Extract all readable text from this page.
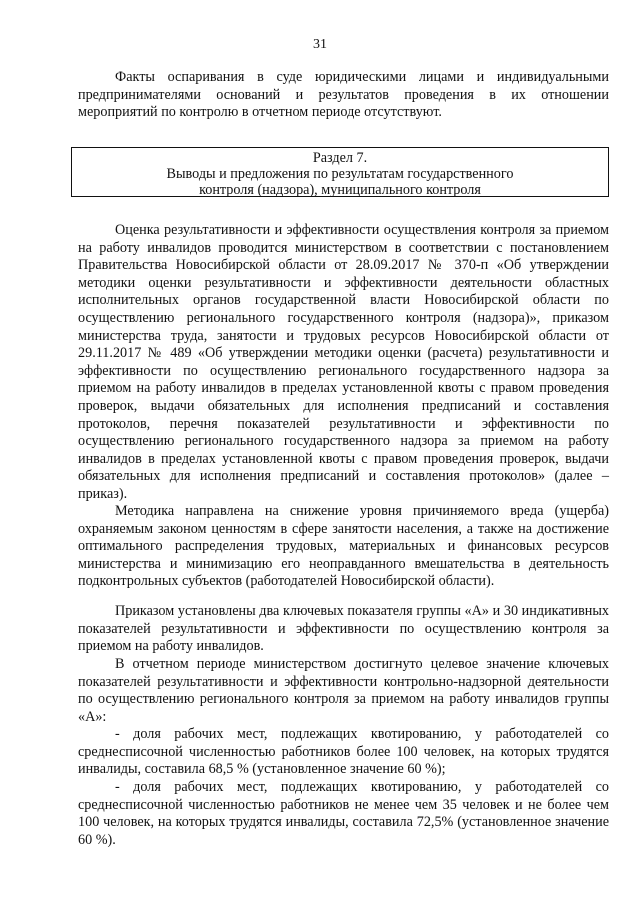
31

Факты оспаривания в суде юридическими лицами и индивидуальными предпринимателями оснований и результатов проведения в их отношении мероприятий по контролю в отчетном периоде отсутствуют.

Раздел 7.
Выводы и предложения по результатам государственного
контроля (надзора), муниципального контроля

Оценка результативности и эффективности осуществления контроля за приемом на работу инвалидов проводится министерством в соответствии с постановлением Правительства Новосибирской области от 28.09.2017 № 370-п «Об утверждении методики оценки результативности и эффективности деятельности областных исполнительных органов государственной власти Новосибирской области по осуществлению регионального государственного контроля (надзора)», приказом министерства труда, занятости и трудовых ресурсов Новосибирской области от 29.11.2017 № 489 «Об утверждении методики оценки (расчета) результативности и эффективности по осуществлению регионального государственного надзора за приемом на работу инвалидов в пределах установленной квоты с правом проведения проверок, выдачи обязательных для исполнения предписаний и составления протоколов, перечня показателей результативности и эффективности по осуществлению регионального государственного надзора за приемом на работу инвалидов в пределах установленной квоты с правом проведения проверок, выдачи обязательных для исполнения предписаний и составления протоколов» (далее – приказ).

Методика направлена на снижение уровня причиняемого вреда (ущерба) охраняемым законом ценностям в сфере занятости населения, а также на достижение оптимального распределения трудовых, материальных и финансовых ресурсов министерства и минимизацию его неоправданного вмешательства в деятельность подконтрольных субъектов (работодателей Новосибирской области).

Приказом установлены два ключевых показателя группы «А» и 30 индикативных показателей результативности и эффективности по осуществлению контроля за приемом на работу инвалидов.

В отчетном периоде министерством достигнуто целевое значение ключевых показателей результативности и эффективности контрольно-надзорной деятельности по осуществлению регионального контроля за приемом на работу инвалидов группы «А»:

- доля рабочих мест, подлежащих квотированию, у работодателей со среднесписочной численностью работников более 100 человек, на которых трудятся инвалиды, составила 68,5 % (установленное значение 60 %);

- доля рабочих мест, подлежащих квотированию, у работодателей со среднесписочной численностью работников не менее чем 35 человек и не более чем 100 человек, на которых трудятся инвалиды, составила 72,5% (установленное значение 60 %).
